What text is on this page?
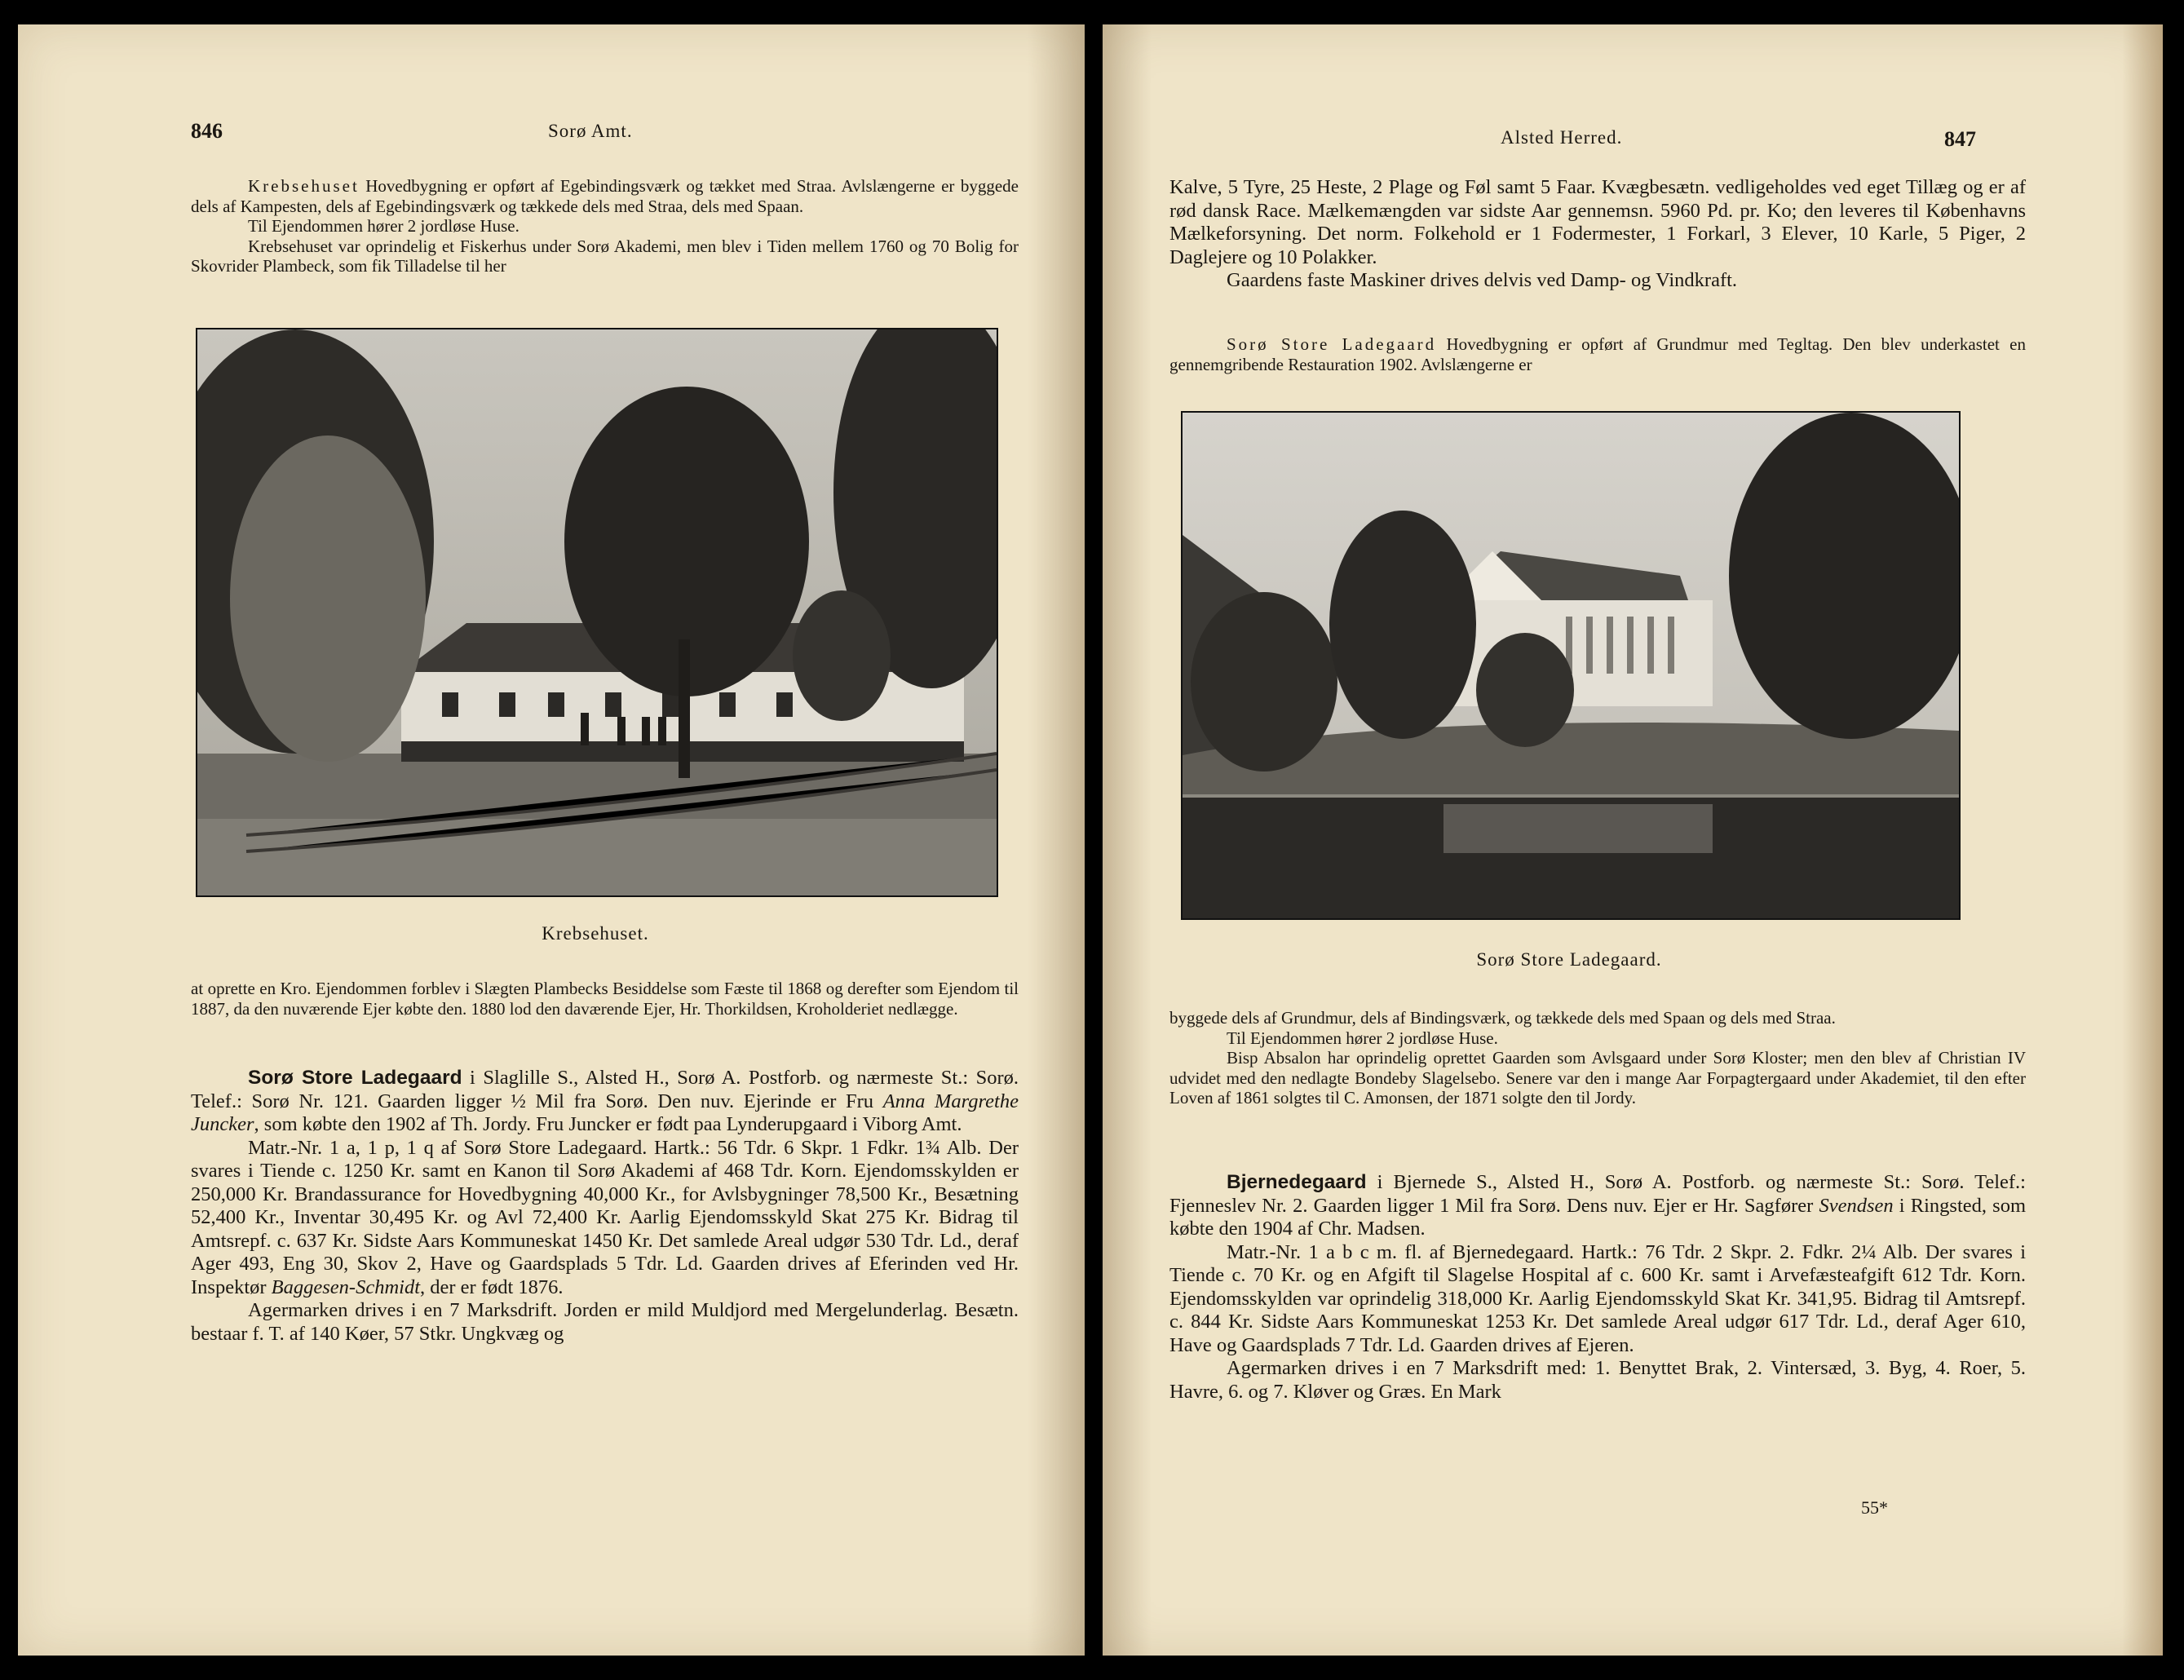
846	Sorø Amt.

Krebsehuset Hovedbygning er opført af Egebindingsværk og tækket med Straa. Avlslængerne er byggede dels af Kampesten, dels af Egebindingsværk og tækkede dels med Straa, dels med Spaan.

Til Ejendommen hører 2 jordløse Huse.

Krebsehuset var oprindelig et Fiskerhus under Sorø Akademi, men blev i Tiden mellem 1760 og 70 Bolig for Skovrider Plambeck, som fik Tilladelse til her

Krebsehuset.

at oprette en Kro. Ejendommen forblev i Slægten Plambecks Besiddelse som Fæste til 1868 og derefter som Ejendom til 1887, da den nuværende Ejer købte den. 1880 lod den daværende Ejer, Hr. Thorkildsen, Kroholderiet nedlægge.

Sorø Store Ladegaard i Slaglille S., Alsted H., Sorø A. Postforb. og nærmeste St.: Sorø. Telef.: Sorø Nr. 121. Gaarden ligger ½ Mil fra Sorø. Den nuv. Ejerinde er Fru Anna Margrethe Juncker, som købte den 1902 af Th. Jordy. Fru Juncker er født paa Lynderupgaard i Viborg Amt.

Matr.-Nr. 1 a, 1 p, 1 q af Sorø Store Ladegaard. Hartk.: 56 Tdr. 6 Skpr. 1 Fdkr. 1¾ Alb. Der svares i Tiende c. 1250 Kr. samt en Kanon til Sorø Akademi af 468 Tdr. Korn. Ejendomsskylden er 250,000 Kr. Brandassurance for Hovedbygning 40,000 Kr., for Avlsbygninger 78,500 Kr., Besætning 52,400 Kr., Inventar 30,495 Kr. og Avl 72,400 Kr. Aarlig Ejendomsskyld Skat 275 Kr. Bidrag til Amtsrepf. c. 637 Kr. Sidste Aars Kommuneskat 1450 Kr. Det samlede Areal udgør 530 Tdr. Ld., deraf Ager 493, Eng 30, Skov 2, Have og Gaardsplads 5 Tdr. Ld. Gaarden drives af Eferinden ved Hr. Inspektør Baggesen-Schmidt, der er født 1876.

Agermarken drives i en 7 Marksdrift. Jorden er mild Muldjord med Mergelunderlag. Besætn. bestaar f. T. af 140 Køer, 57 Stkr. Ungkvæg og

Alsted Herred.	847

Kalve, 5 Tyre, 25 Heste, 2 Plage og Føl samt 5 Faar. Kvægbesætn. vedligeholdes ved eget Tillæg og er af rød dansk Race. Mælkemængden var sidste Aar gennemsn. 5960 Pd. pr. Ko; den leveres til Københavns Mælkeforsyning. Det norm. Folkehold er 1 Fodermester, 1 Forkarl, 3 Elever, 10 Karle, 5 Piger, 2 Daglejere og 10 Polakker.

Gaardens faste Maskiner drives delvis ved Damp- og Vindkraft.

Sorø Store Ladegaard Hovedbygning er opført af Grundmur med Tegltag. Den blev underkastet en gennemgribende Restauration 1902. Avlslængerne er

Sorø Store Ladegaard.

byggede dels af Grundmur, dels af Bindingsværk, og tækkede dels med Spaan og dels med Straa.

Til Ejendommen hører 2 jordløse Huse.

Bisp Absalon har oprindelig oprettet Gaarden som Avlsgaard under Sorø Kloster; men den blev af Christian IV udvidet med den nedlagte Bondeby Slagelsebo. Senere var den i mange Aar Forpagtergaard under Akademiet, til den efter Loven af 1861 solgtes til C. Amonsen, der 1871 solgte den til Jordy.

Bjernedegaard i Bjernede S., Alsted H., Sorø A. Postforb. og nærmeste St.: Sorø. Telef.: Fjenneslev Nr. 2. Gaarden ligger 1 Mil fra Sorø. Dens nuv. Ejer er Hr. Sagfører Svendsen i Ringsted, som købte den 1904 af Chr. Madsen.

Matr.-Nr. 1 a b c m. fl. af Bjernedegaard. Hartk.: 76 Tdr. 2 Skpr. 2. Fdkr. 2¼ Alb. Der svares i Tiende c. 70 Kr. og en Afgift til Slagelse Hospital af c. 600 Kr. samt i Arvefæsteafgift 612 Tdr. Korn. Ejendomsskylden var oprindelig 318,000 Kr. Aarlig Ejendomsskyld Skat Kr. 341,95. Bidrag til Amtsrepf. c. 844 Kr. Sidste Aars Kommuneskat 1253 Kr. Det samlede Areal udgør 617 Tdr. Ld., deraf Ager 610, Have og Gaardsplads 7 Tdr. Ld. Gaarden drives af Ejeren.

Agermarken drives i en 7 Marksdrift med: 1. Benyttet Brak, 2. Vintersæd, 3. Byg, 4. Roer, 5. Havre, 6. og 7. Kløver og Græs. En Mark

55*
